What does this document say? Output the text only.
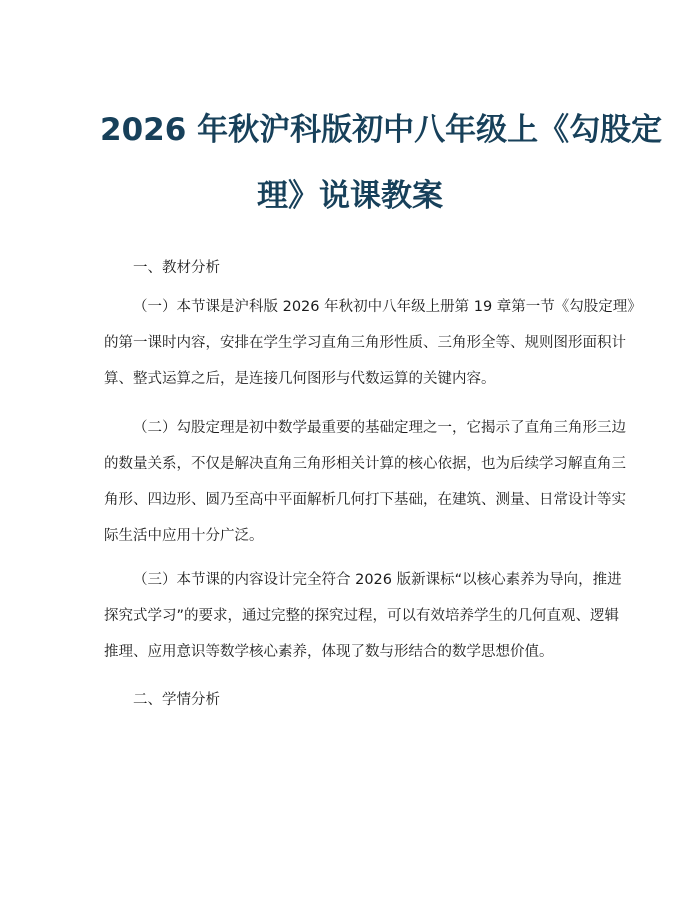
2026 年秋沪科版初中八年级上《勾股定
理》说课教案
一、教材分析
（一）本节课是沪科版 2026 年秋初中八年级上册第 19 章第一节《勾股定理》
的第一课时内容，安排在学生学习直角三角形性质、三角形全等、规则图形面积计
算、整式运算之后，是连接几何图形与代数运算的关键内容。
（二）勾股定理是初中数学最重要的基础定理之一，它揭示了直角三角形三边
的数量关系，不仅是解决直角三角形相关计算的核心依据，也为后续学习解直角三
角形、四边形、圆乃至高中平面解析几何打下基础，在建筑、测量、日常设计等实
际生活中应用十分广泛。
（三）本节课的内容设计完全符合 2026 版新课标“以核心素养为导向，推进
探究式学习”的要求，通过完整的探究过程，可以有效培养学生的几何直观、逻辑
推理、应用意识等数学核心素养，体现了数与形结合的数学思想价值。
二、学情分析
